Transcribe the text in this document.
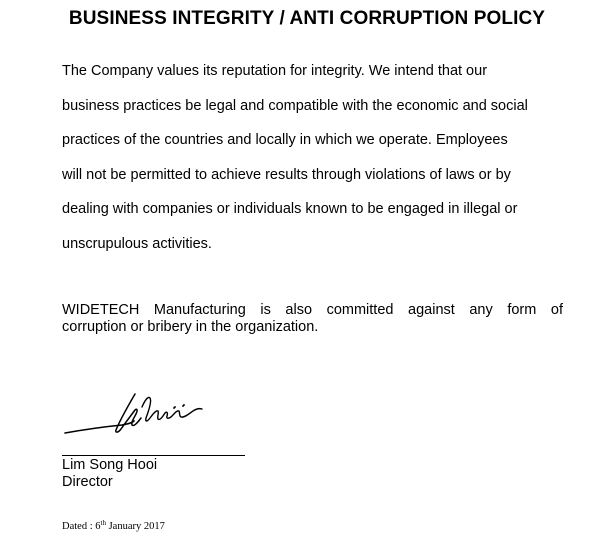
BUSINESS INTEGRITY / ANTI CORRUPTION POLICY
The Company values its reputation for integrity. We intend that our
business practices be legal and compatible with the economic and social
practices of the countries and locally in which we operate. Employees
will not be permitted to achieve results through violations of laws or by
dealing with companies or individuals known to be engaged in illegal or
unscrupulous activities.
WIDETECH Manufacturing is also committed against any form of
corruption or bribery in the organization.
Lim Song Hooi
Director
Dated : 6th January 2017
